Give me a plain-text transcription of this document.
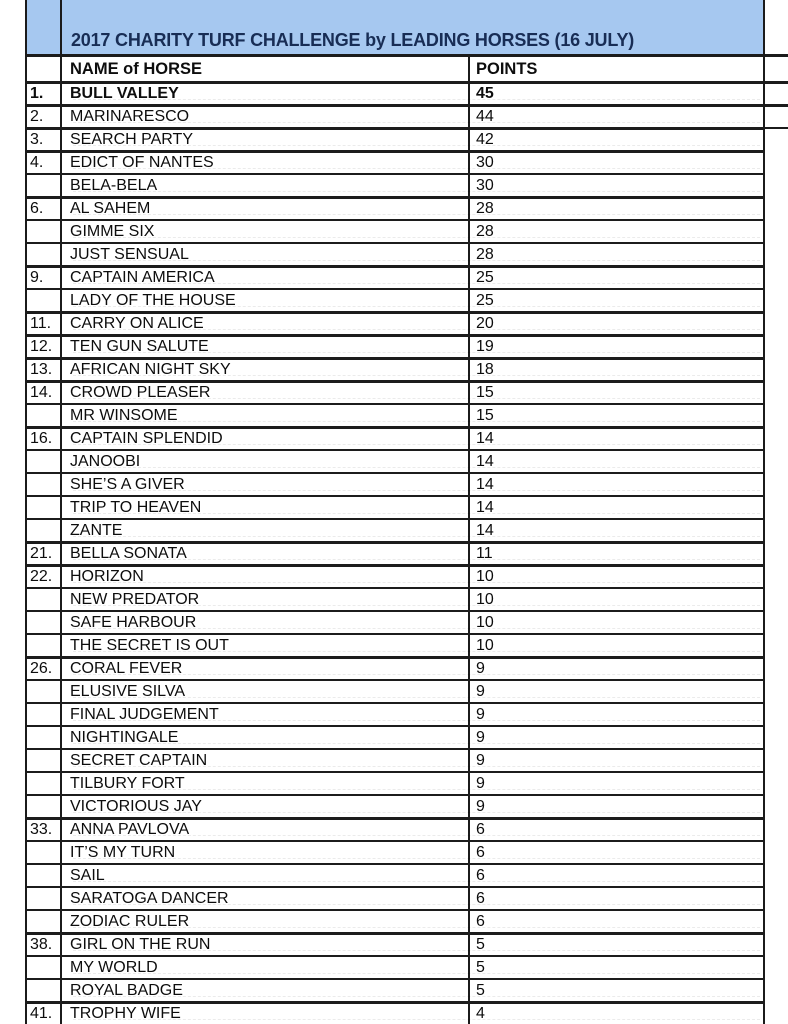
2017 CHARITY TURF CHALLENGE by LEADING HORSES (16 JULY)
NAME of HORSE	POINTS
1.	BULL VALLEY	45
2.	MARINARESCO	44
3.	SEARCH PARTY	42
4.	EDICT OF NANTES	30
BELA-BELA	30
6.	AL SAHEM	28
GIMME SIX	28
JUST SENSUAL	28
9.	CAPTAIN AMERICA	25
LADY OF THE HOUSE	25
11.	CARRY ON ALICE	20
12.	TEN GUN SALUTE	19
13.	AFRICAN NIGHT SKY	18
14.	CROWD PLEASER	15
MR WINSOME	15
16.	CAPTAIN SPLENDID	14
JANOOBI	14
SHE’S A GIVER	14
TRIP TO HEAVEN	14
ZANTE	14
21.	BELLA SONATA	11
22.	HORIZON	10
NEW PREDATOR	10
SAFE HARBOUR	10
THE SECRET IS OUT	10
26.	CORAL FEVER	9
ELUSIVE SILVA	9
FINAL JUDGEMENT	9
NIGHTINGALE	9
SECRET CAPTAIN	9
TILBURY FORT	9
VICTORIOUS JAY	9
33.	ANNA PAVLOVA	6
IT’S MY TURN	6
SAIL	6
SARATOGA DANCER	6
ZODIAC RULER	6
38.	GIRL ON THE RUN	5
MY WORLD	5
ROYAL BADGE	5
41.	TROPHY WIFE	4
